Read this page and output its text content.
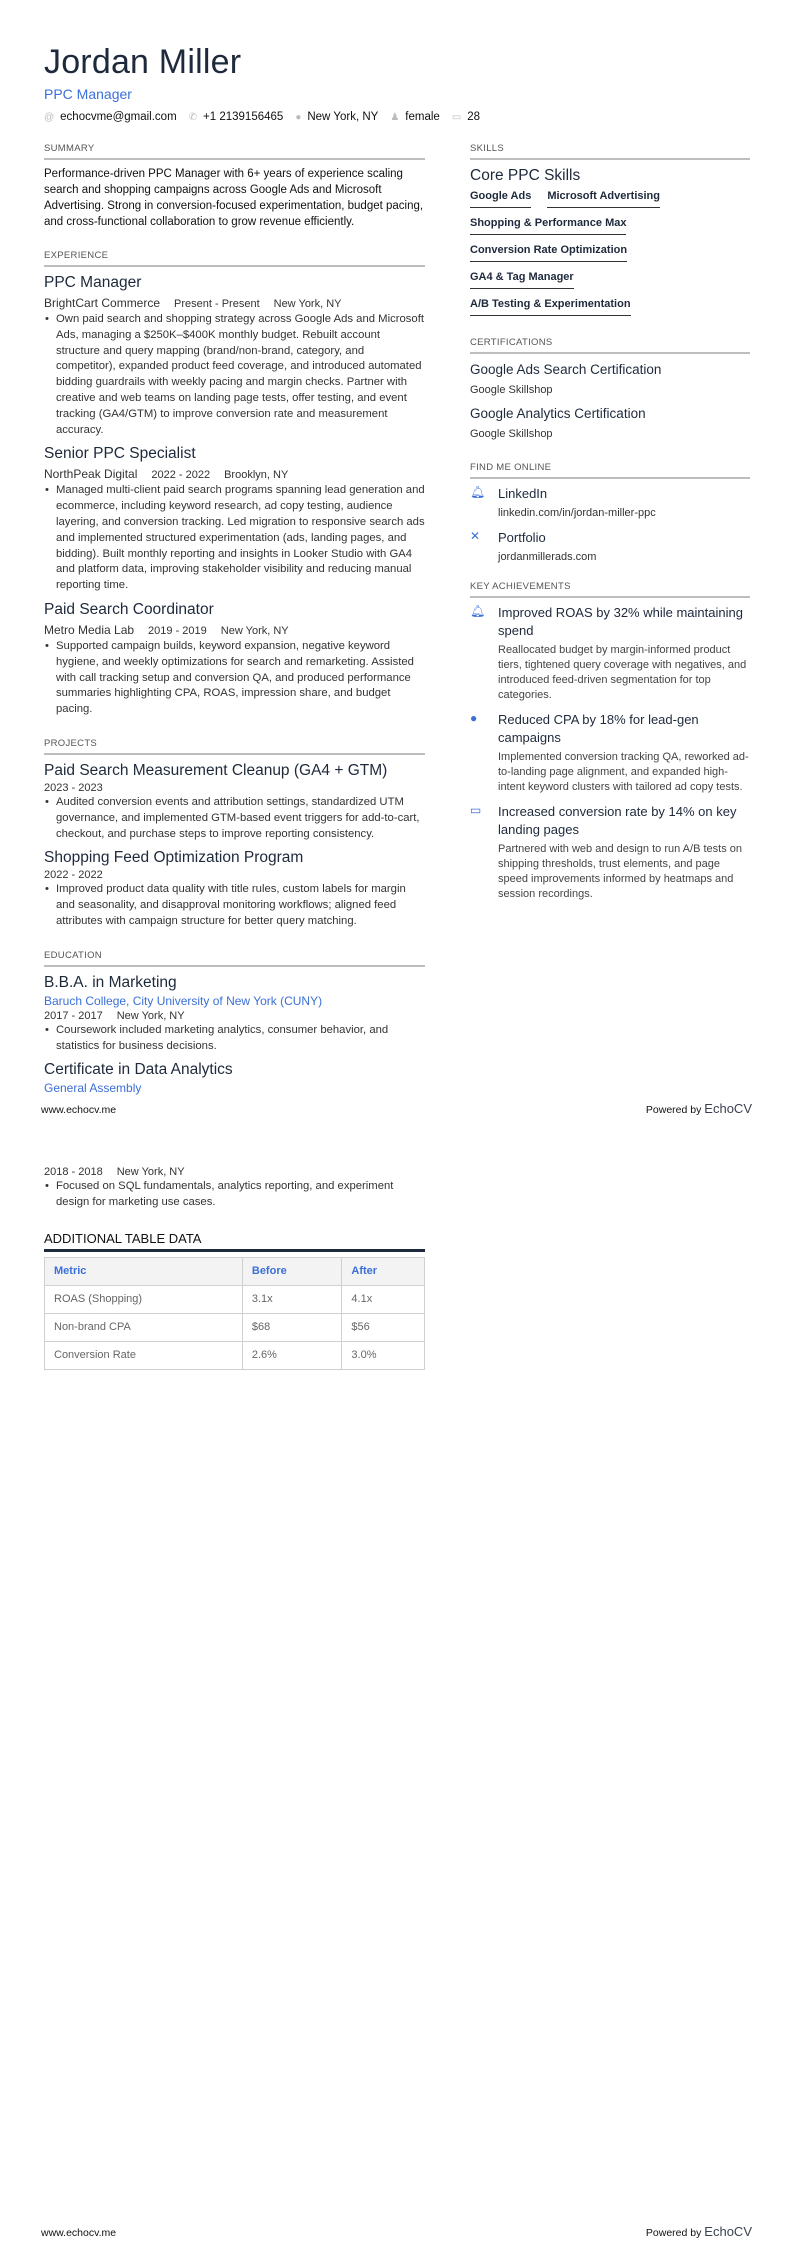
Jordan Miller
PPC Manager
@ echocvme@gmail.com ✆ +1 2139156465 ● New York, NY ♟ female ▭ 28
SUMMARY
Performance-driven PPC Manager with 6+ years of experience scaling search and shopping campaigns across Google Ads and Microsoft Advertising. Strong in conversion-focused experimentation, budget pacing, and cross-functional collaboration to grow revenue efficiently.
EXPERIENCE
PPC Manager
BrightCart Commerce Present - Present New York, NY
• Own paid search and shopping strategy across Google Ads and Microsoft Ads, managing a $250K–$400K monthly budget. Rebuilt account structure and query mapping (brand/non-brand, category, and competitor), expanded product feed coverage, and introduced automated bidding guardrails with weekly pacing and margin checks. Partner with creative and web teams on landing page tests, offer testing, and event tracking (GA4/GTM) to improve conversion rate and measurement accuracy.
Senior PPC Specialist
NorthPeak Digital 2022 - 2022 Brooklyn, NY
• Managed multi-client paid search programs spanning lead generation and ecommerce, including keyword research, ad copy testing, audience layering, and conversion tracking. Led migration to responsive search ads and implemented structured experimentation (ads, landing pages, and bidding). Built monthly reporting and insights in Looker Studio with GA4 and platform data, improving stakeholder visibility and reducing manual reporting time.
Paid Search Coordinator
Metro Media Lab 2019 - 2019 New York, NY
• Supported campaign builds, keyword expansion, negative keyword hygiene, and weekly optimizations for search and remarketing. Assisted with call tracking setup and conversion QA, and produced performance summaries highlighting CPA, ROAS, impression share, and budget pacing.
PROJECTS
Paid Search Measurement Cleanup (GA4 + GTM)
2023 - 2023
• Audited conversion events and attribution settings, standardized UTM governance, and implemented GTM-based event triggers for add-to-cart, checkout, and purchase steps to improve reporting consistency.
Shopping Feed Optimization Program
2022 - 2022
• Improved product data quality with title rules, custom labels for margin and seasonality, and disapproval monitoring workflows; aligned feed attributes with campaign structure for better query matching.
EDUCATION
B.B.A. in Marketing
Baruch College, City University of New York (CUNY)
2017 - 2017 New York, NY
• Coursework included marketing analytics, consumer behavior, and statistics for business decisions.
Certificate in Data Analytics
General Assembly
SKILLS
Core PPC Skills
Google Ads Microsoft Advertising
Shopping & Performance Max
Conversion Rate Optimization
GA4 & Tag Manager
A/B Testing & Experimentation
CERTIFICATIONS
Google Ads Search Certification
Google Skillshop
Google Analytics Certification
Google Skillshop
FIND ME ONLINE
🔔︎ LinkedIn
linkedin.com/in/jordan-miller-ppc
✕	Portfolio
jordanmillerads.com
KEY ACHIEVEMENTS
🔔︎ Improved ROAS by 32% while maintaining spend
Reallocated budget by margin-informed product tiers, tightened query coverage with negatives, and introduced feed-driven segmentation for top categories.
●	Reduced CPA by 18% for lead-gen campaigns
Implemented conversion tracking QA, reworked ad-to-landing page alignment, and expanded high-intent keyword clusters with tailored ad copy tests.
▭	Increased conversion rate by 14% on key landing pages
Partnered with web and design to run A/B tests on shipping thresholds, trust elements, and page speed improvements informed by heatmaps and session recordings.
www.echocv.me	Powered by EchoCV
2018 - 2018 New York, NY
• Focused on SQL fundamentals, analytics reporting, and experiment design for marketing use cases.
ADDITIONAL TABLE DATA
Metric	Before	After
ROAS (Shopping)	3.1x	4.1x
Non-brand CPA	$68	$56
Conversion Rate	2.6%	3.0%
www.echocv.me	Powered by EchoCV
